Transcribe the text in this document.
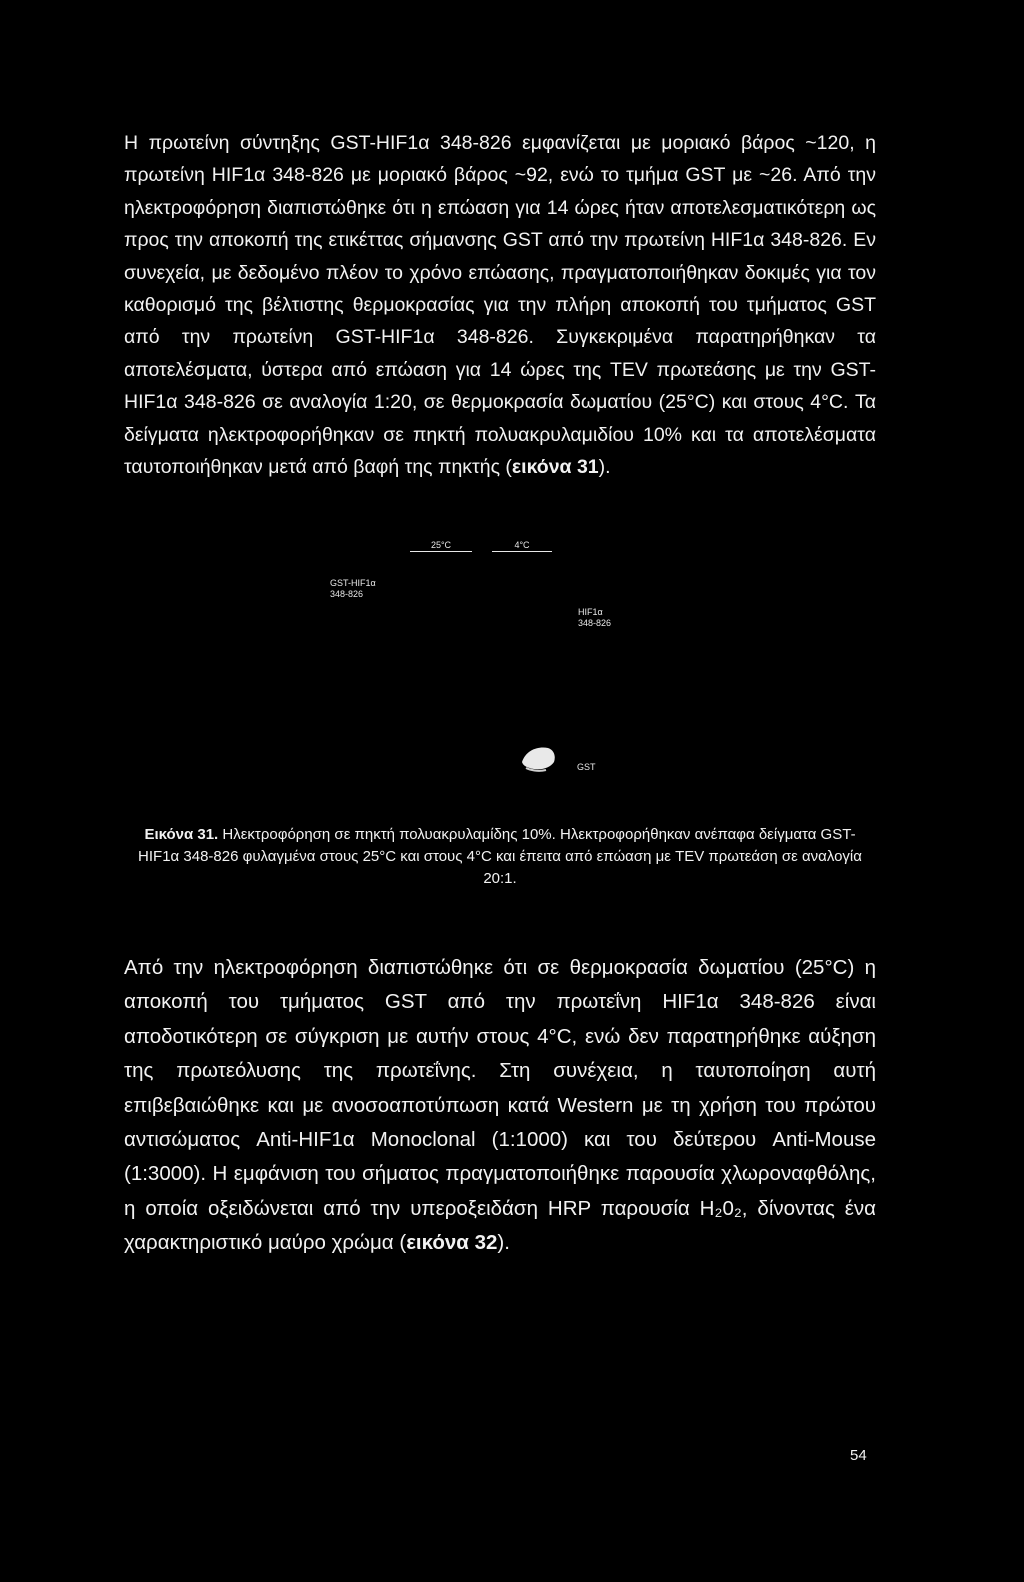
Η πρωτείνη σύντηξης GST-HIF1α 348-826 εμφανίζεται με μοριακό βάρος ~120, η πρωτείνη HIF1α 348-826 με μοριακό βάρος ~92, ενώ το τμήμα GST με ~26. Από την ηλεκτροφόρηση διαπιστώθηκε ότι η επώαση για 14 ώρες ήταν αποτελεσματικότερη ως προς την αποκοπή της ετικέττας σήμανσης GST από την πρωτείνη HIF1α 348-826. Εν συνεχεία, με δεδομένο πλέον το χρόνο επώασης, πραγματοποιήθηκαν δοκιμές για τον καθορισμό της βέλτιστης θερμοκρασίας για την πλήρη αποκοπή του τμήματος GST από την πρωτείνη GST-HIF1α 348-826. Συγκεκριμένα παρατηρήθηκαν τα αποτελέσματα, ύστερα από επώαση για 14 ώρες της TEV πρωτεάσης με την GST-HIF1α 348-826 σε αναλογία 1:20, σε θερμοκρασία δωματίου (25°C) και στους 4°C. Τα δείγματα ηλεκτροφορήθηκαν σε πηκτή πολυακρυλαμιδίου 10% και τα αποτελέσματα ταυτοποιήθηκαν μετά από βαφή της πηκτής (εικόνα 31).
25°C	4°C
GST-HIF1α
348-826
HIF1α
348-826
GST
Εικόνα 31. Ηλεκτροφόρηση σε πηκτή πολυακρυλαμίδης 10%. Ηλεκτροφορήθηκαν ανέπαφα δείγματα GST-HIF1α 348-826 φυλαγμένα στους 25°C και στους 4°C και έπειτα από επώαση με TEV πρωτεάση σε αναλογία 20:1.
Από την ηλεκτροφόρηση διαπιστώθηκε ότι σε θερμοκρασία δωματίου (25°C) η αποκοπή του τμήματος GST από την πρωτεΐνη HIF1α 348-826 είναι αποδοτικότερη σε σύγκριση με αυτήν στους 4°C, ενώ δεν παρατηρήθηκε αύξηση της πρωτεόλυσης της πρωτεΐνης. Στη συνέχεια, η ταυτοποίηση αυτή επιβεβαιώθηκε και με ανοσοαποτύπωση κατά Western με τη χρήση του πρώτου αντισώματος Anti-HIF1α Monoclonal (1:1000) και του δεύτερου Anti-Mouse (1:3000). Η εμφάνιση του σήματος πραγματοποιήθηκε παρουσία χλωροναφθόλης, η οποία οξειδώνεται από την υπεροξειδάση HRP παρουσία H₂0₂, δίνοντας ένα χαρακτηριστικό μαύρο χρώμα (εικόνα 32).
54
